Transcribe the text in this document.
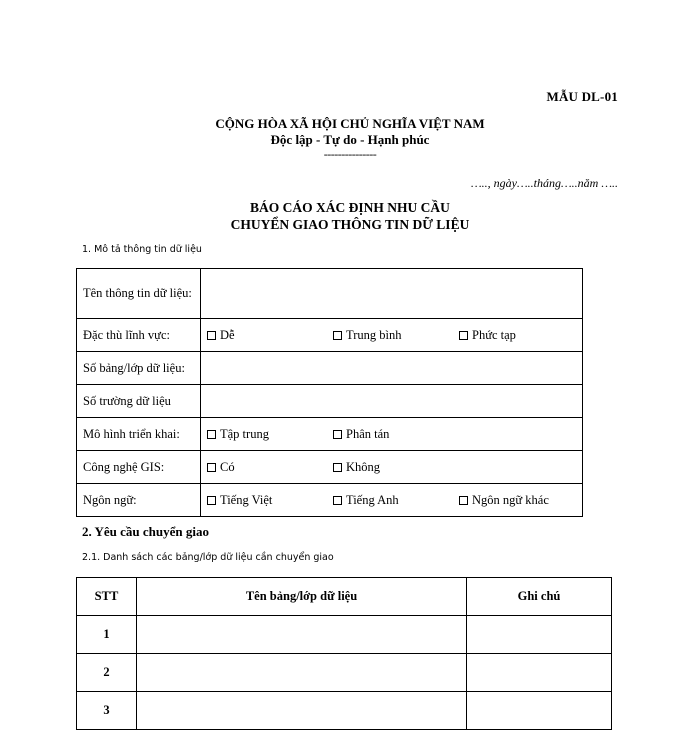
MẪU DL-01
CỘNG HÒA XÃ HỘI CHỦ NGHĨA VIỆT NAM
Độc lập - Tự do - Hạnh phúc
---------------
….., ngày…..tháng…..năm …..
BÁO CÁO XÁC ĐỊNH NHU CẦU
CHUYỂN GIAO THÔNG TIN DỮ LIỆU
1. Mô tả thông tin dữ liệu
Tên thông tin dữ liệu:	
Đặc thù lĩnh vực:	Dễ Trung bình Phức tạp

Số bảng/lớp dữ liệu:	
Số trường dữ liệu	
Mô hình triển khai:	Tập trung Phân tán

Công nghệ GIS:	Có Không

Ngôn ngữ:	Tiếng Việt Tiếng Anh Ngôn ngữ khác
2. Yêu cầu chuyển giao
2.1. Danh sách các bảng/lớp dữ liệu cần chuyển giao
STT	Tên bảng/lớp dữ liệu	Ghi chú
1		
2		
3		
